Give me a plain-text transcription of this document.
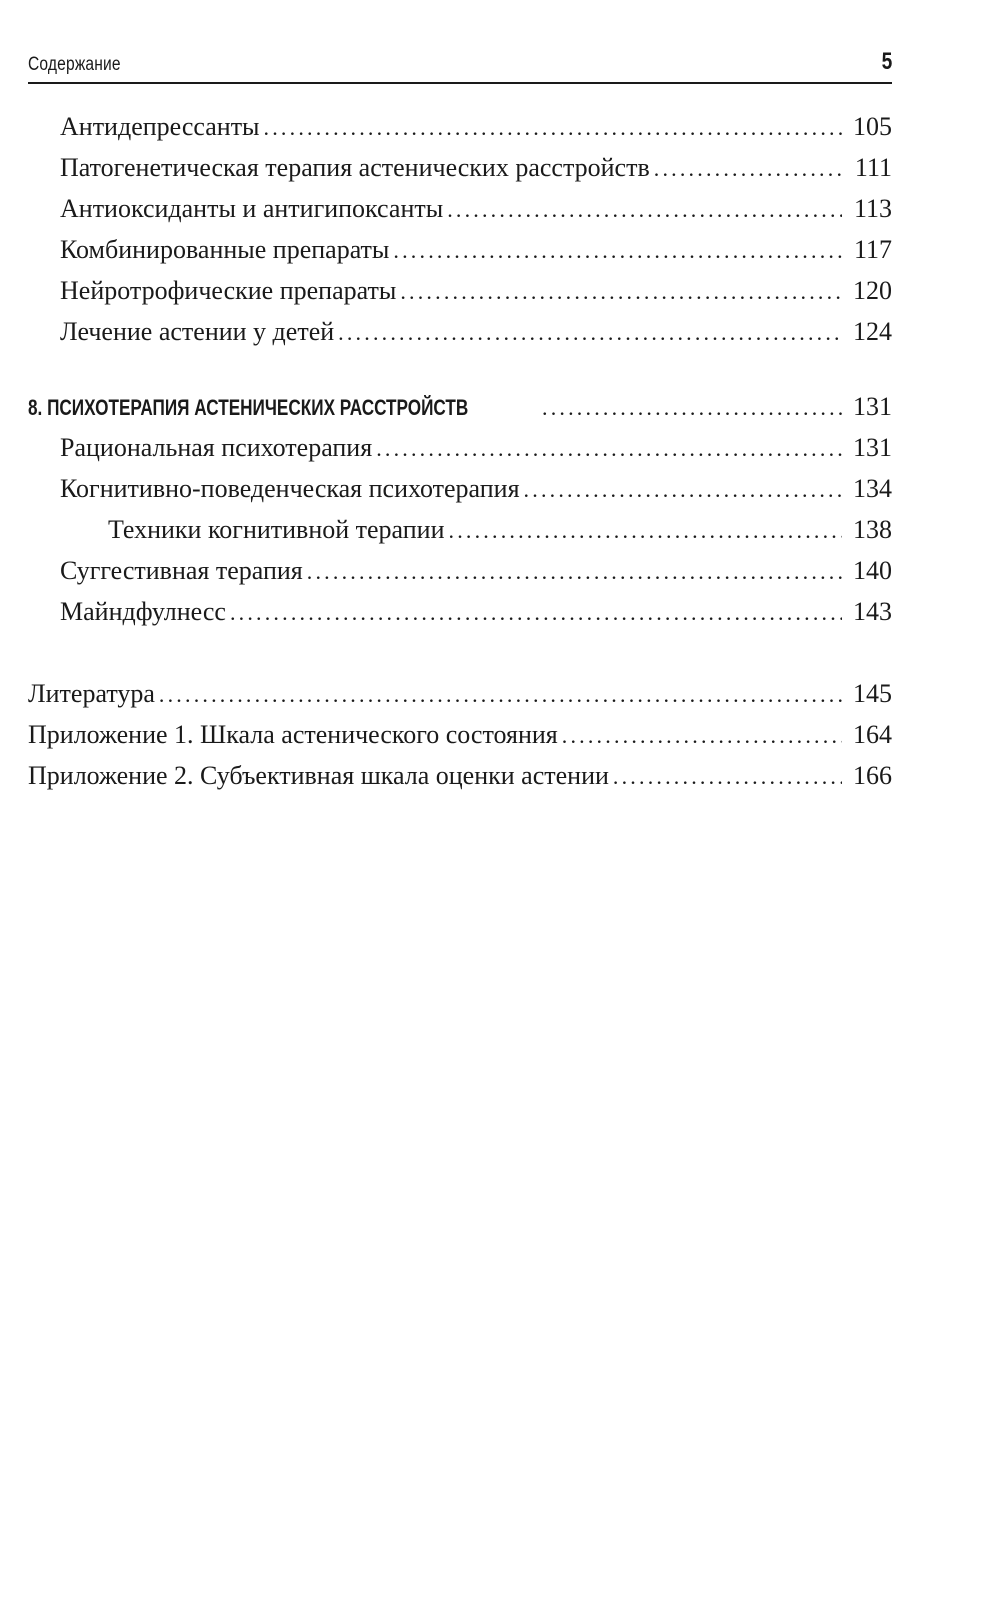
Содержание	5
Антидепрессанты .....	105
Патогенетическая терапия астенических расстройств .....	111
Антиоксиданты и антигипоксанты .....	113
Комбинированные препараты .....	117
Нейротрофические препараты .....	120
Лечение астении у детей .....	124
8. ПСИХОТЕРАПИЯ АСТЕНИЧЕСКИХ РАССТРОЙСТВ .....	131
Рациональная психотерапия .....	131
Когнитивно-поведенческая психотерапия .....	134
Техники когнитивной терапии .....	138
Суггестивная терапия .....	140
Майндфулнесс .....	143
Литература .....	145
Приложение 1. Шкала астенического состояния .....	164
Приложение 2. Субъективная шкала оценки астении .....	166
